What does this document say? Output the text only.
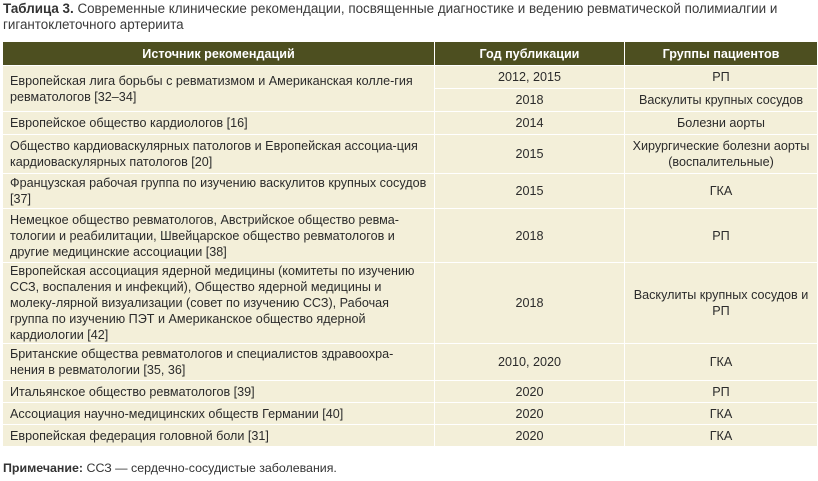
Таблица 3. Современные клинические рекомендации, посвященные диагностике и ведению ревматической полимиалгии и гигантоклеточного артериита
Источник рекомендаций	Год публикации	Группы пациентов
Европейская лига борьбы с ревматизмом и Американская колле-гия ревматологов [32–34]	2012, 2015	РП
	2018	Васкулиты крупных сосудов
Европейское общество кардиологов [16]	2014	Болезни аорты
Общество кардиоваскулярных патологов и Европейская ассоциа-ция кардиоваскулярных патологов [20]	2015	Хирургические болезни аорты (воспалительные)
Французская рабочая группа по изучению васкулитов крупных сосудов [37]	2015	ГКА
Немецкое общество ревматологов, Австрийское общество ревма-тологии и реабилитации, Швейцарское общество ревматологов и другие медицинские ассоциации [38]	2018	РП
Европейская ассоциация ядерной медицины (комитеты по изучению ССЗ, воспаления и инфекций), Общество ядерной медицины и молеку-лярной визуализации (совет по изучению ССЗ), Рабочая группа по изучению ПЭТ и Американское общество ядерной кардиологии [42]	2018	Васкулиты крупных сосудов и РП
Британские общества ревматологов и специалистов здравоохра-нения в ревматологии [35, 36]	2010, 2020	ГКА
Итальянское общество ревматологов [39]	2020	РП
Ассоциация научно-медицинских обществ Германии [40]	2020	ГКА
Европейская федерация головной боли [31]	2020	ГКА
Примечание: ССЗ — сердечно-сосудистые заболевания.
